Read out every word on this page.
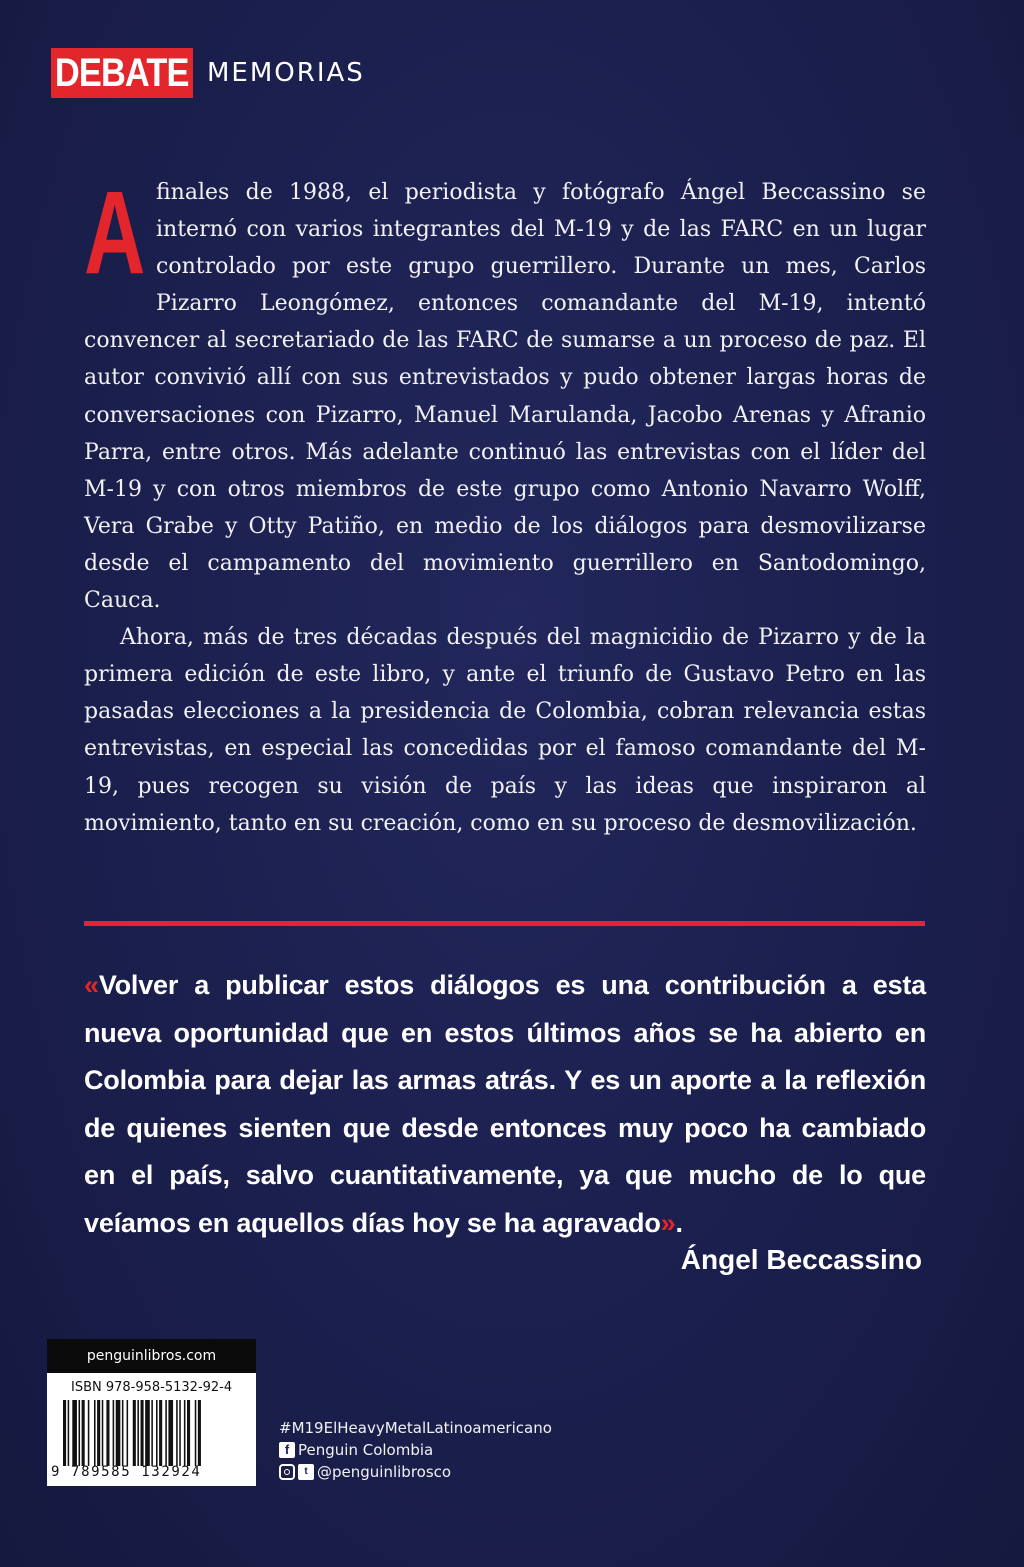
DEBATE MEMORIAS

A finales de 1988, el periodista y fotógrafo Ángel Beccassino se internó con varios integrantes del M-19 y de las FARC en un lugar controlado por este grupo guerrillero. Durante un mes, Carlos Pizarro Leongómez, entonces comandante del M-19, intentó convencer al secretariado de las FARC de sumarse a un proceso de paz. El autor convivió allí con sus entrevistados y pudo obtener largas horas de conversaciones con Pizarro, Manuel Marulanda, Jacobo Arenas y Afranio Parra, entre otros. Más adelante continuó las entrevistas con el líder del M-19 y con otros miembros de este grupo como Antonio Navarro Wolff, Vera Grabe y Otty Patiño, en medio de los diálogos para desmovilizarse desde el campamento del movimiento guerrillero en Santodomingo, Cauca.

Ahora, más de tres décadas después del magnicidio de Pizarro y de la primera edición de este libro, y ante el triunfo de Gustavo Petro en las pasadas elecciones a la presidencia de Colombia, cobran relevancia estas entrevistas, en especial las concedidas por el famoso comandante del M-19, pues recogen su visión de país y las ideas que inspiraron al movimiento, tanto en su creación, como en su proceso de desmovilización.

«Volver a publicar estos diálogos es una contribución a esta nueva oportunidad que en estos últimos años se ha abierto en Colombia para dejar las armas atrás. Y es un aporte a la reflexión de quienes sienten que desde entonces muy poco ha cambiado en el país, salvo cuantitativamente, ya que mucho de lo que veíamos en aquellos días hoy se ha agravado».

Ángel Beccassino
penguinlibros.com
ISBN 978-958-5132-92-4
9 789585 132924
#M19ElHeavyMetalLatinoamericano
f Penguin Colombia
t @penguinlibrosco
